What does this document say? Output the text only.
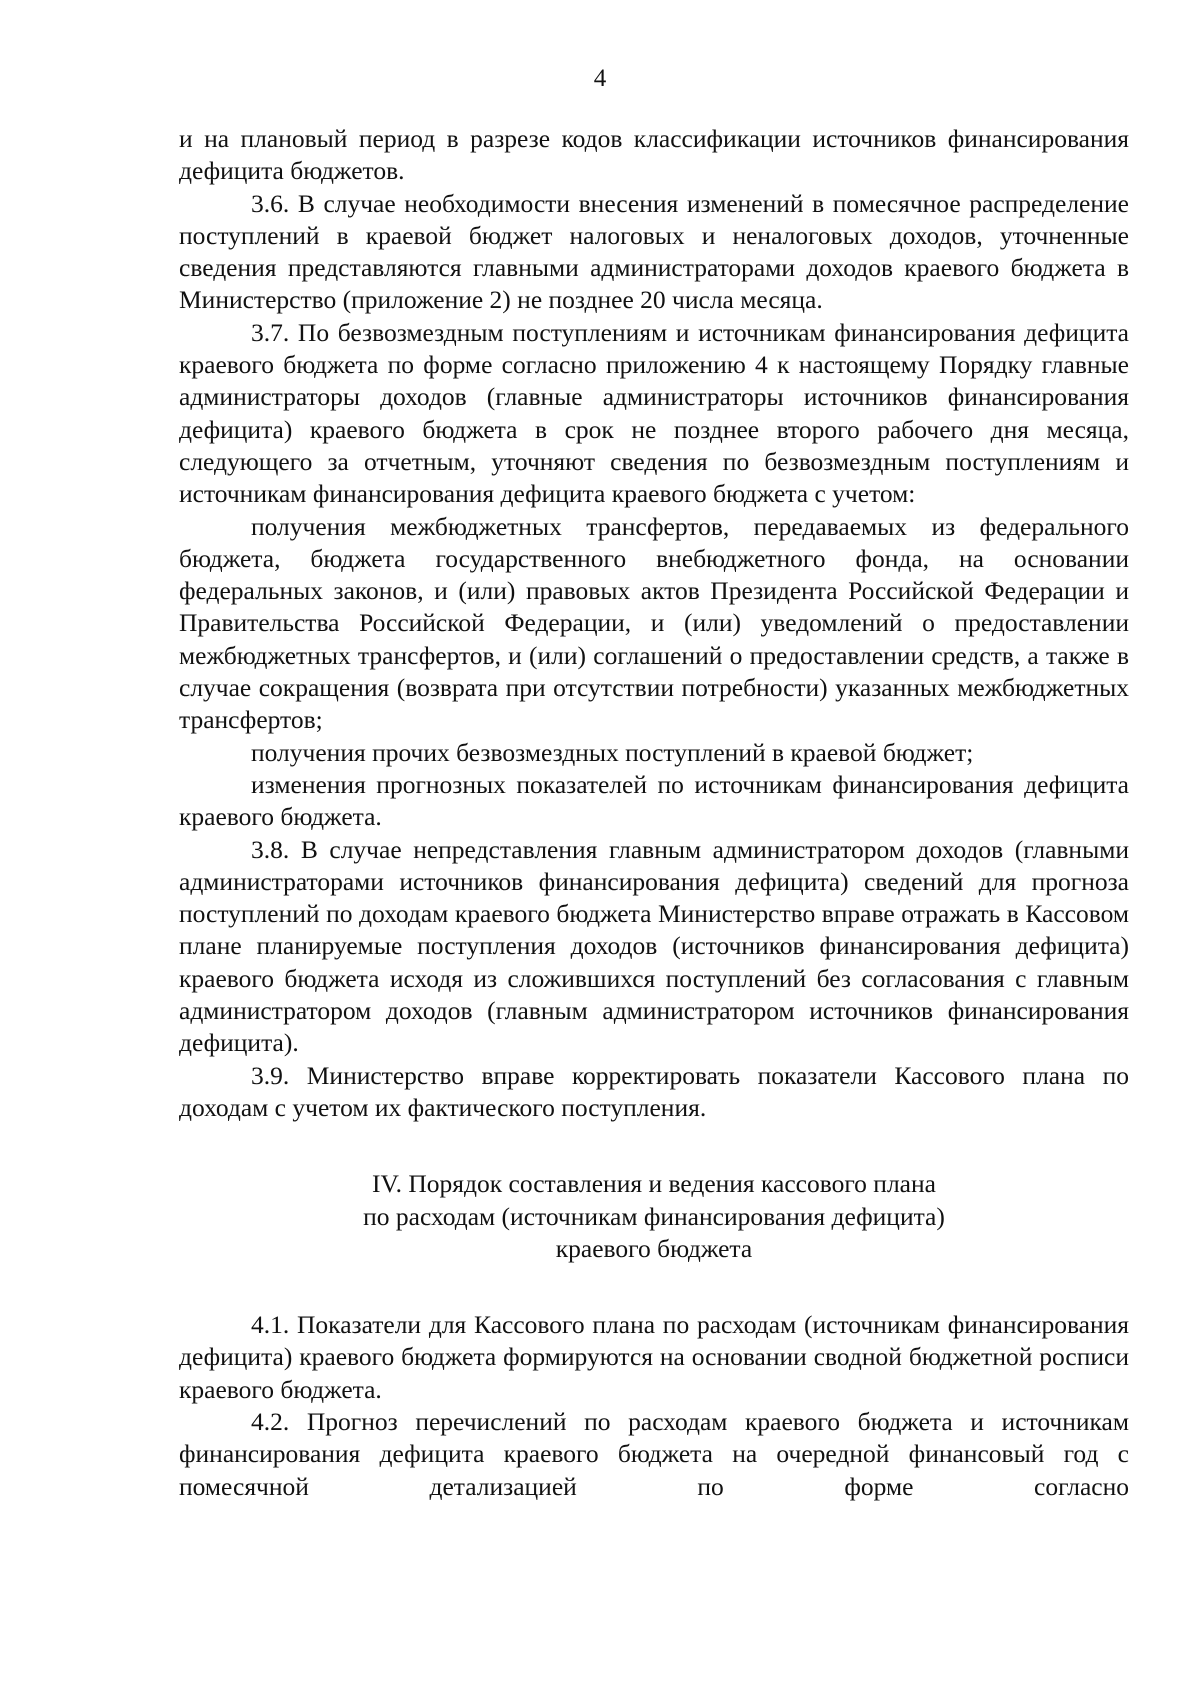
4

и на плановый период в разрезе кодов классификации источников финансирования дефицита бюджетов.

3.6. В случае необходимости внесения изменений в помесячное распределение поступлений в краевой бюджет налоговых и неналоговых доходов, уточненные сведения представляются главными администраторами доходов краевого бюджета в Министерство (приложение 2) не позднее 20 числа месяца.

3.7. По безвозмездным поступлениям и источникам финансирования дефицита краевого бюджета по форме согласно приложению 4 к настоящему Порядку главные администраторы доходов (главные администраторы источников финансирования дефицита) краевого бюджета в срок не позднее второго рабочего дня месяца, следующего за отчетным, уточняют сведения по безвозмездным поступлениям и источникам финансирования дефицита краевого бюджета с учетом:

получения межбюджетных трансфертов, передаваемых из федерального бюджета, бюджета государственного внебюджетного фонда, на основании федеральных законов, и (или) правовых актов Президента Российской Федерации и Правительства Российской Федерации, и (или) уведомлений о предоставлении межбюджетных трансфертов, и (или) соглашений о предоставлении средств, а также в случае сокращения (возврата при отсутствии потребности) указанных межбюджетных трансфертов;

получения прочих безвозмездных поступлений в краевой бюджет;

изменения прогнозных показателей по источникам финансирования дефицита краевого бюджета.

3.8. В случае непредставления главным администратором доходов (главными администраторами источников финансирования дефицита) сведений для прогноза поступлений по доходам краевого бюджета Министерство вправе отражать в Кассовом плане планируемые поступления доходов (источников финансирования дефицита) краевого бюджета исходя из сложившихся поступлений без согласования с главным администратором доходов (главным администратором источников финансирования дефицита).

3.9. Министерство вправе корректировать показатели Кассового плана по доходам с учетом их фактического поступления.

IV. Порядок составления и ведения кассового плана
по расходам (источникам финансирования дефицита)
краевого бюджета

4.1. Показатели для Кассового плана по расходам (источникам финансирования дефицита) краевого бюджета формируются на основании сводной бюджетной росписи краевого бюджета.

4.2. Прогноз перечислений по расходам краевого бюджета и источникам финансирования дефицита краевого бюджета на очередной финансовый год с помесячной детализацией по форме согласно
